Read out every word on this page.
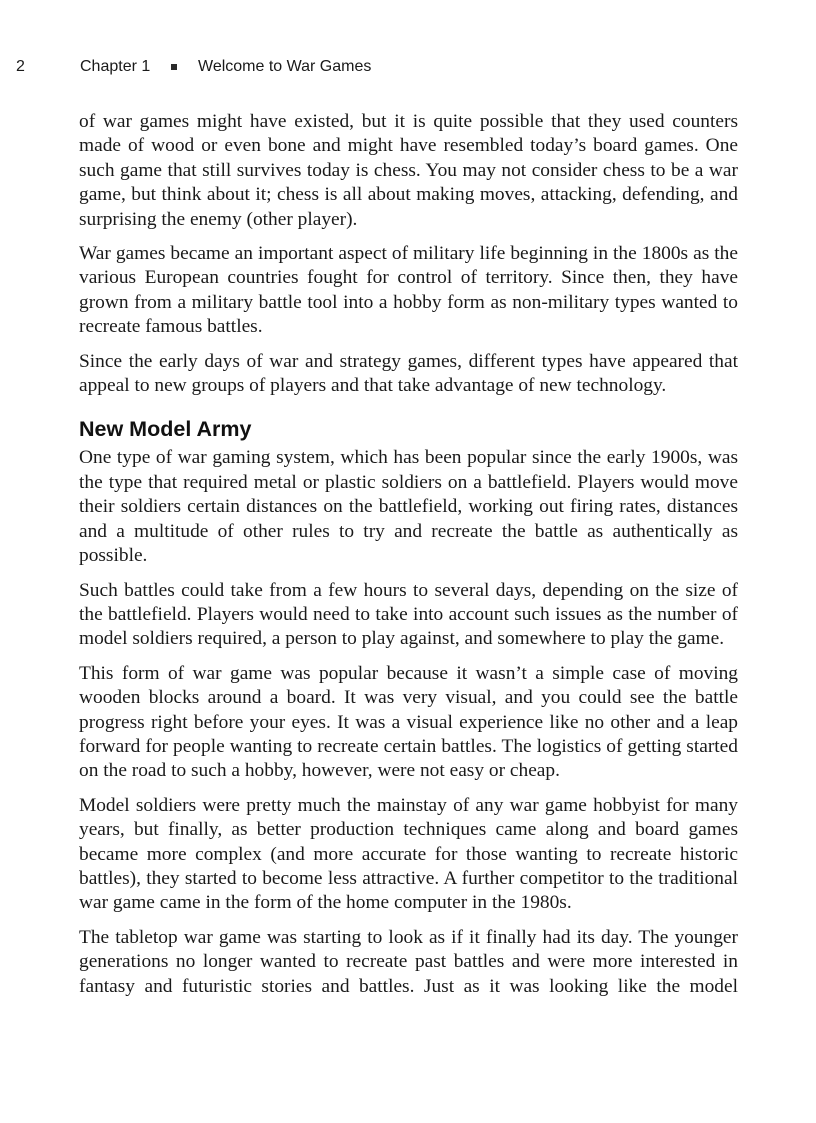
2	Chapter 1	Welcome to War Games

of war games might have existed, but it is quite possible that they used counters made of wood or even bone and might have resembled today’s board games. One such game that still survives today is chess. You may not consider chess to be a war game, but think about it; chess is all about making moves, attacking, defending, and surprising the enemy (other player).

War games became an important aspect of military life beginning in the 1800s as the various European countries fought for control of territory. Since then, they have grown from a military battle tool into a hobby form as non-military types wanted to recreate famous battles.

Since the early days of war and strategy games, different types have appeared that appeal to new groups of players and that take advantage of new technology.

New Model Army

One type of war gaming system, which has been popular since the early 1900s, was the type that required metal or plastic soldiers on a battlefield. Players would move their soldiers certain distances on the battlefield, working out firing rates, distances and a multitude of other rules to try and recreate the battle as authentically as possible.

Such battles could take from a few hours to several days, depending on the size of the battlefield. Players would need to take into account such issues as the number of model soldiers required, a person to play against, and somewhere to play the game.

This form of war game was popular because it wasn’t a simple case of moving wooden blocks around a board. It was very visual, and you could see the battle progress right before your eyes. It was a visual experience like no other and a leap forward for people wanting to recreate certain battles. The logistics of getting started on the road to such a hobby, however, were not easy or cheap.

Model soldiers were pretty much the mainstay of any war game hobbyist for many years, but finally, as better production techniques came along and board games became more complex (and more accurate for those wanting to recreate historic battles), they started to become less attractive. A further competitor to the traditional war game came in the form of the home computer in the 1980s.

The tabletop war game was starting to look as if it finally had its day. The younger generations no longer wanted to recreate past battles and were more interested in fantasy and futuristic stories and battles. Just as it was looking like the model
